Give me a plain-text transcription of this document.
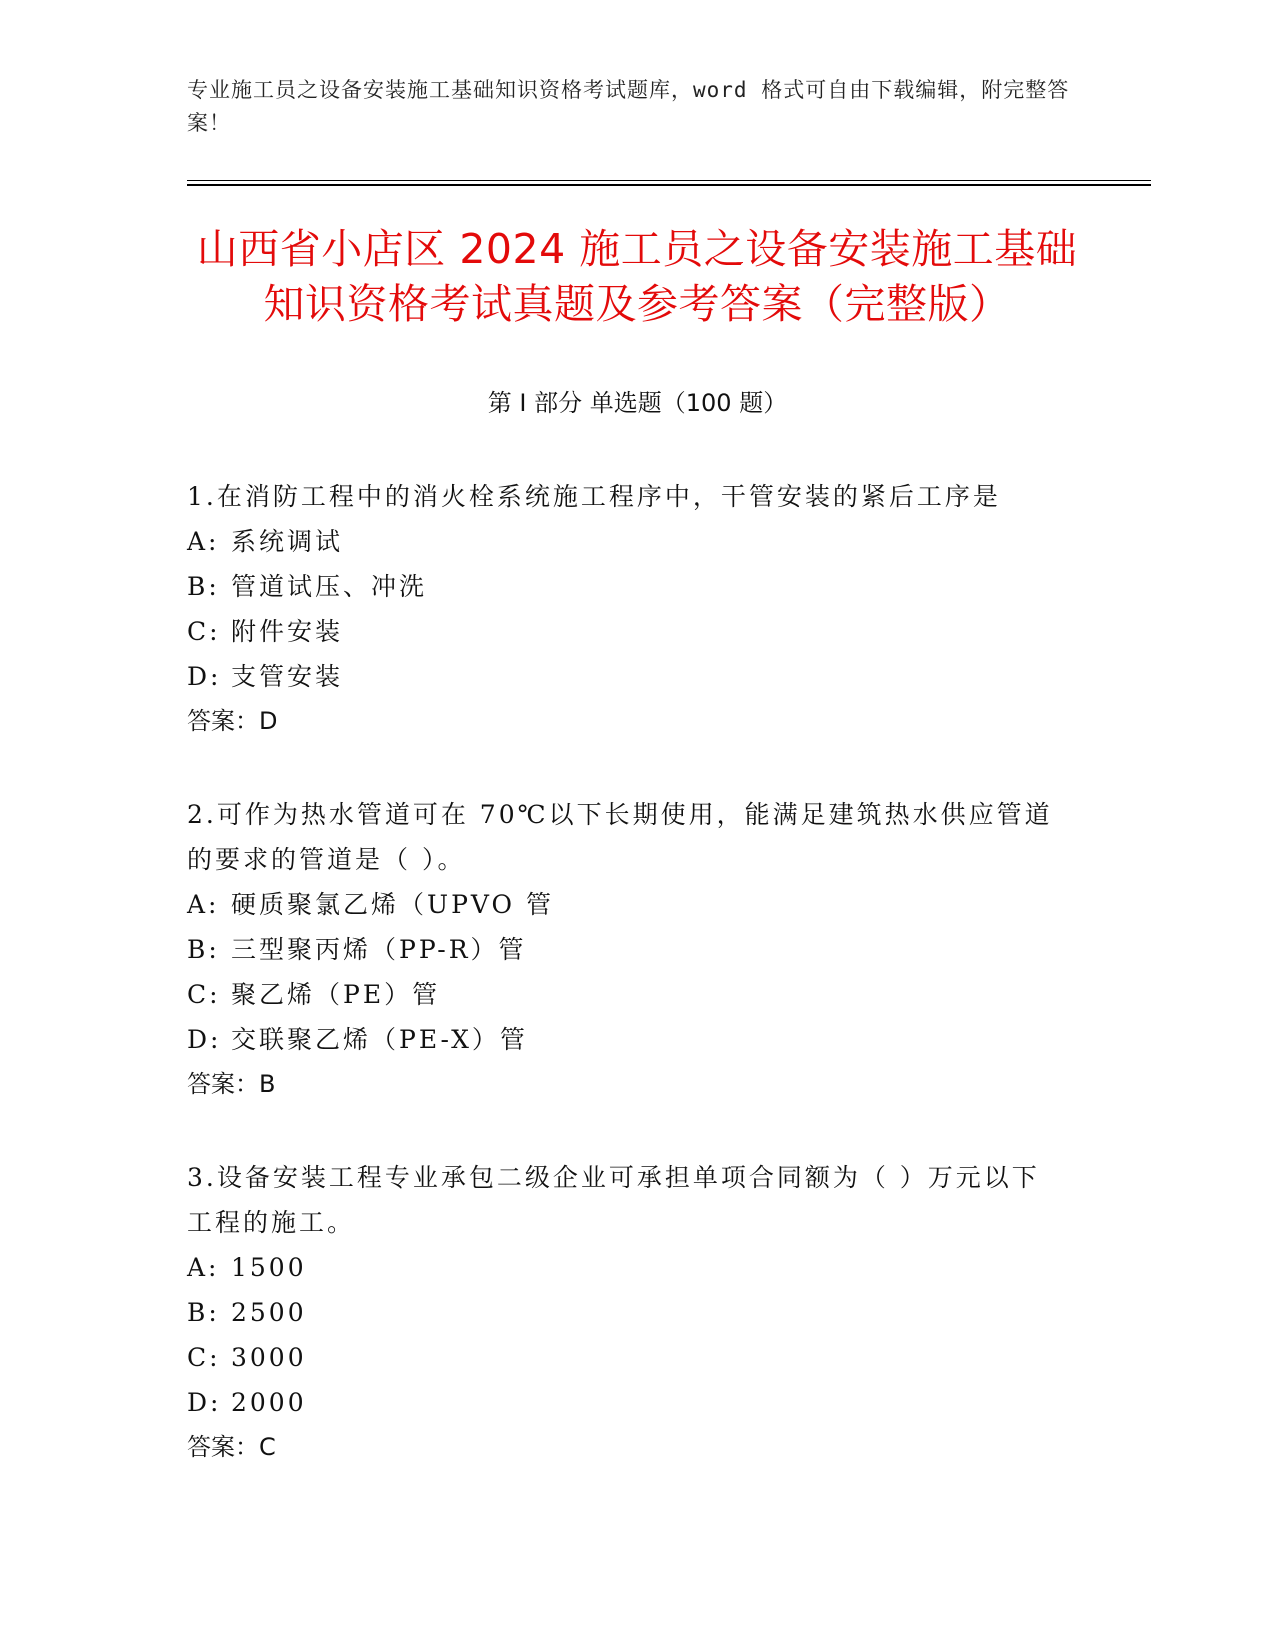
专业施工员之设备安装施工基础知识资格考试题库，word 格式可自由下载编辑，附完整答案！
山西省小店区 2024 施工员之设备安装施工基础知识资格考试真题及参考答案（完整版）
第 I 部分 单选题（100 题）
1.在消防工程中的消火栓系统施工程序中，干管安装的紧后工序是
A: 系统调试
B: 管道试压、冲洗
C: 附件安装
D: 支管安装
答案：D
2.可作为热水管道可在 70℃以下长期使用，能满足建筑热水供应管道的要求的管道是（ ）。
A: 硬质聚氯乙烯（UPVO 管
B: 三型聚丙烯（PP-R）管
C: 聚乙烯（PE）管
D: 交联聚乙烯（PE-X）管
答案：B
3.设备安装工程专业承包二级企业可承担单项合同额为（ ）万元以下工程的施工。
A: 1500
B: 2500
C: 3000
D: 2000
答案：C
